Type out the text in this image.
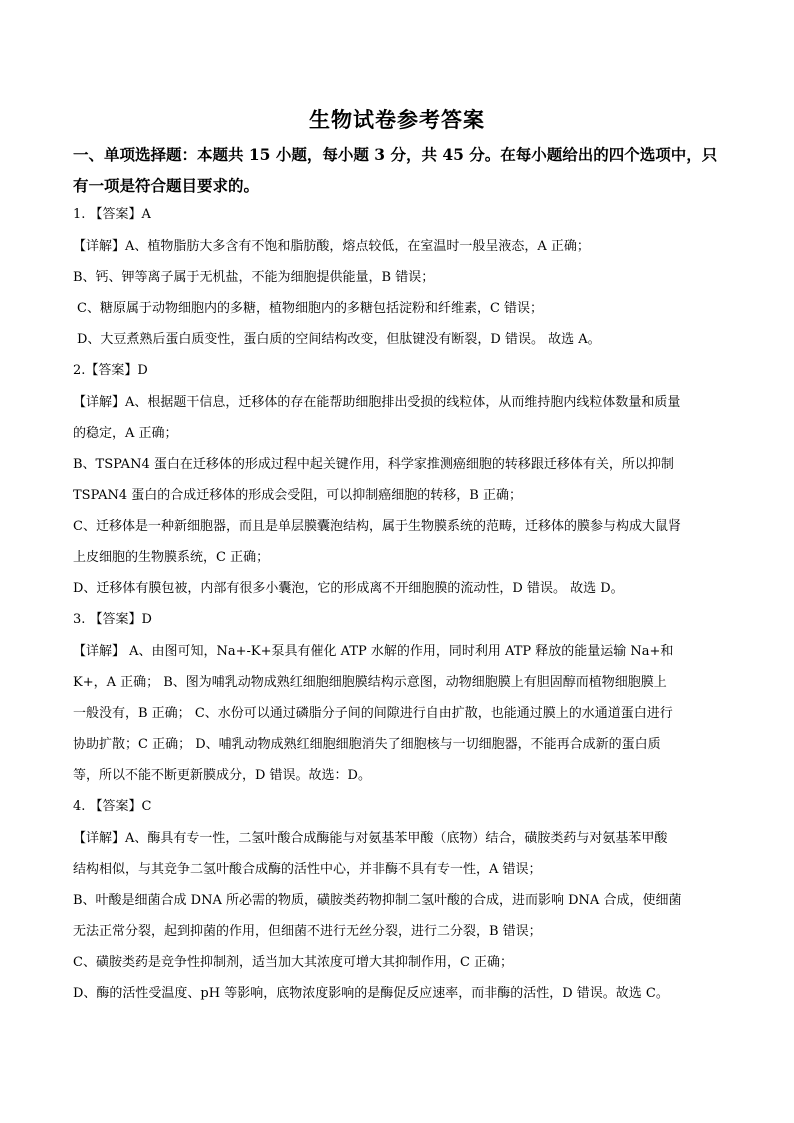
生物试卷参考答案
一、单项选择题：本题共 15 小题，每小题 3 分，共 45 分。在每小题给出的四个选项中，只
有一项是符合题目要求的。
1. 【答案】A
【详解】A、植物脂肪大多含有不饱和脂肪酸，熔点较低，在室温时一般呈液态，A 正确；
B、钙、钾等离子属于无机盐，不能为细胞提供能量，B 错误；
C、糖原属于动物细胞内的多糖，植物细胞内的多糖包括淀粉和纤维素，C 错误；
D、大豆煮熟后蛋白质变性，蛋白质的空间结构改变，但肽键没有断裂，D 错误。 故选 A。
2.【答案】D
【详解】A、根据题干信息，迁移体的存在能帮助细胞排出受损的线粒体，从而维持胞内线粒体数量和质量
的稳定，A 正确；
B、TSPAN4 蛋白在迁移体的形成过程中起关键作用，科学家推测癌细胞的转移跟迁移体有关，所以抑制
TSPAN4 蛋白的合成迁移体的形成会受阻，可以抑制癌细胞的转移，B 正确；
C、迁移体是一种新细胞器，而且是单层膜囊泡结构，属于生物膜系统的范畴，迁移体的膜参与构成大鼠肾
上皮细胞的生物膜系统，C 正确；
D、迁移体有膜包被，内部有很多小囊泡，它的形成离不开细胞膜的流动性，D 错误。 故选 D。
3. 【答案】D
【详解】 A、由图可知，Na+-K+泵具有催化 ATP 水解的作用，同时利用 ATP 释放的能量运输 Na+和
K+，A 正确； B、图为哺乳动物成熟红细胞细胞膜结构示意图，动物细胞膜上有胆固醇而植物细胞膜上
一般没有，B 正确； C、水份可以通过磷脂分子间的间隙进行自由扩散，也能通过膜上的水通道蛋白进行
协助扩散；C 正确； D、哺乳动物成熟红细胞细胞消失了细胞核与一切细胞器，不能再合成新的蛋白质
等，所以不能不断更新膜成分，D 错误。故选：D。
4. 【答案】C
【详解】A、酶具有专一性，二氢叶酸合成酶能与对氨基苯甲酸（底物）结合，磺胺类药与对氨基苯甲酸
结构相似，与其竞争二氢叶酸合成酶的活性中心，并非酶不具有专一性，A 错误；
B、叶酸是细菌合成 DNA 所必需的物质，磺胺类药物抑制二氢叶酸的合成，进而影响 DNA 合成，使细菌
无法正常分裂，起到抑菌的作用，但细菌不进行无丝分裂，进行二分裂，B 错误；
C、磺胺类药是竞争性抑制剂，适当加大其浓度可增大其抑制作用，C 正确；
D、酶的活性受温度、pH 等影响，底物浓度影响的是酶促反应速率，而非酶的活性，D 错误。故选 C。
